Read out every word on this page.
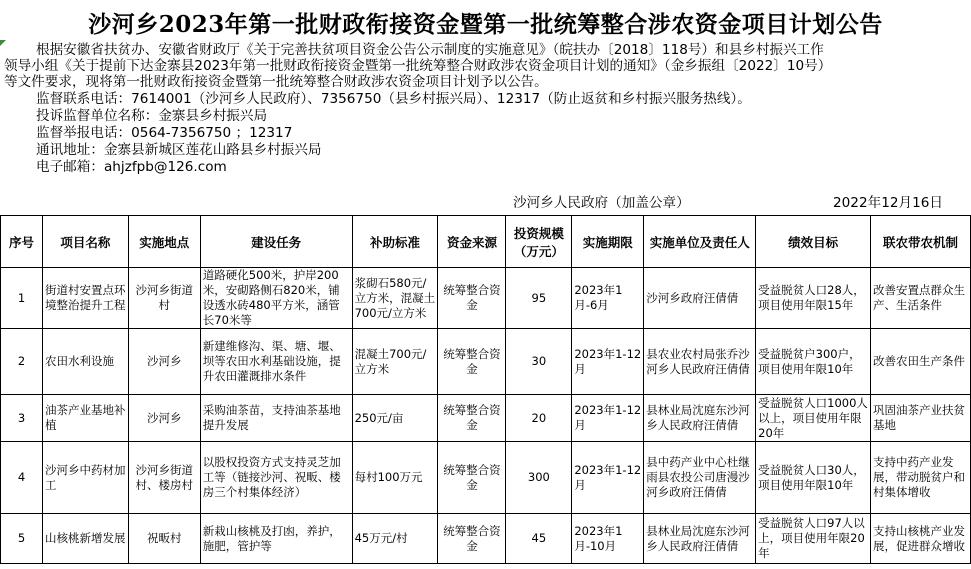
沙河乡2023年第一批财政衔接资金暨第一批统筹整合涉农资金项目计划公告
根据安徽省扶贫办、安徽省财政厅《关于完善扶贫项目资金公告公示制度的实施意见》（皖扶办〔2018〕118号）和县乡村振兴工作
领导小组《关于提前下达金寨县2023年第一批财政衔接资金暨第一批统筹整合财政涉农资金项目计划的通知》（金乡振组〔2022〕10号）
等文件要求，现将第一批财政衔接资金暨第一批统筹整合财政涉农资金项目计划予以公告。
监督联系电话：7614001（沙河乡人民政府）、7356750（县乡村振兴局）、12317（防止返贫和乡村振兴服务热线）。
投诉监督单位名称：金寨县乡村振兴局
监督举报电话：0564-7356750 ；12317
通讯地址：金寨县新城区莲花山路县乡村振兴局
电子邮箱：ahjzfpb@126.com
沙河乡人民政府（加盖公章）	2022年12月16日
序号	项目名称	实施地点	建设任务	补助标准	资金来源	投资规模（万元）	实施期限	实施单位及责任人	绩效目标	联农带农机制
1	街道村安置点环境整治提升工程	沙河乡街道村	道路硬化500米，护岸200米，安砌路侧石820米，铺设透水砖480平方米，涵管长70米等	浆砌石580元/立方米，混凝土700元/立方米	统筹整合资金	95	2023年1月-6月	沙河乡政府汪倩倩	受益脱贫人口28人，项目使用年限15年	改善安置点群众生产、生活条件
2	农田水利设施	沙河乡	新建维修沟、渠、塘、堰、坝等农田水利基础设施，提升农田灌溉排水条件	混凝土700元/立方米	统筹整合资金	30	2023年1-12月	县农业农村局张乔沙河乡人民政府汪倩倩	受益脱贫户300户，项目使用年限10年	改善农田生产条件
3	油茶产业基地补植	沙河乡	采购油茶苗，支持油茶基地提升发展	250元/亩	统筹整合资金	20	2023年1-12月	县林业局沈庭东沙河乡人民政府汪倩倩	受益脱贫人口1000人以上，项目使用年限20年	巩固油茶产业扶贫基地
4	沙河乡中药材加工	沙河乡街道村、楼房村	以股权投资方式支持灵芝加工等（链接沙河、祝畈、楼房三个村集体经济）	每村100万元	统筹整合资金	300	2023年1-12月	县中药产业中心杜继雨县农投公司唐漫沙河乡政府汪倩倩	受益脱贫人口30人，项目使用年限10年	支持中药产业发展，带动脱贫户和村集体增收
5	山核桃新增发展	祝畈村	新栽山核桃及打凼，养护，施肥，管护等	45万元/村	统筹整合资金	45	2023年1月-10月	县林业局沈庭东沙河乡人民政府汪倩倩	受益脱贫人口97人以上，项目使用年限20年	支持山核桃产业发展，促进群众增收
